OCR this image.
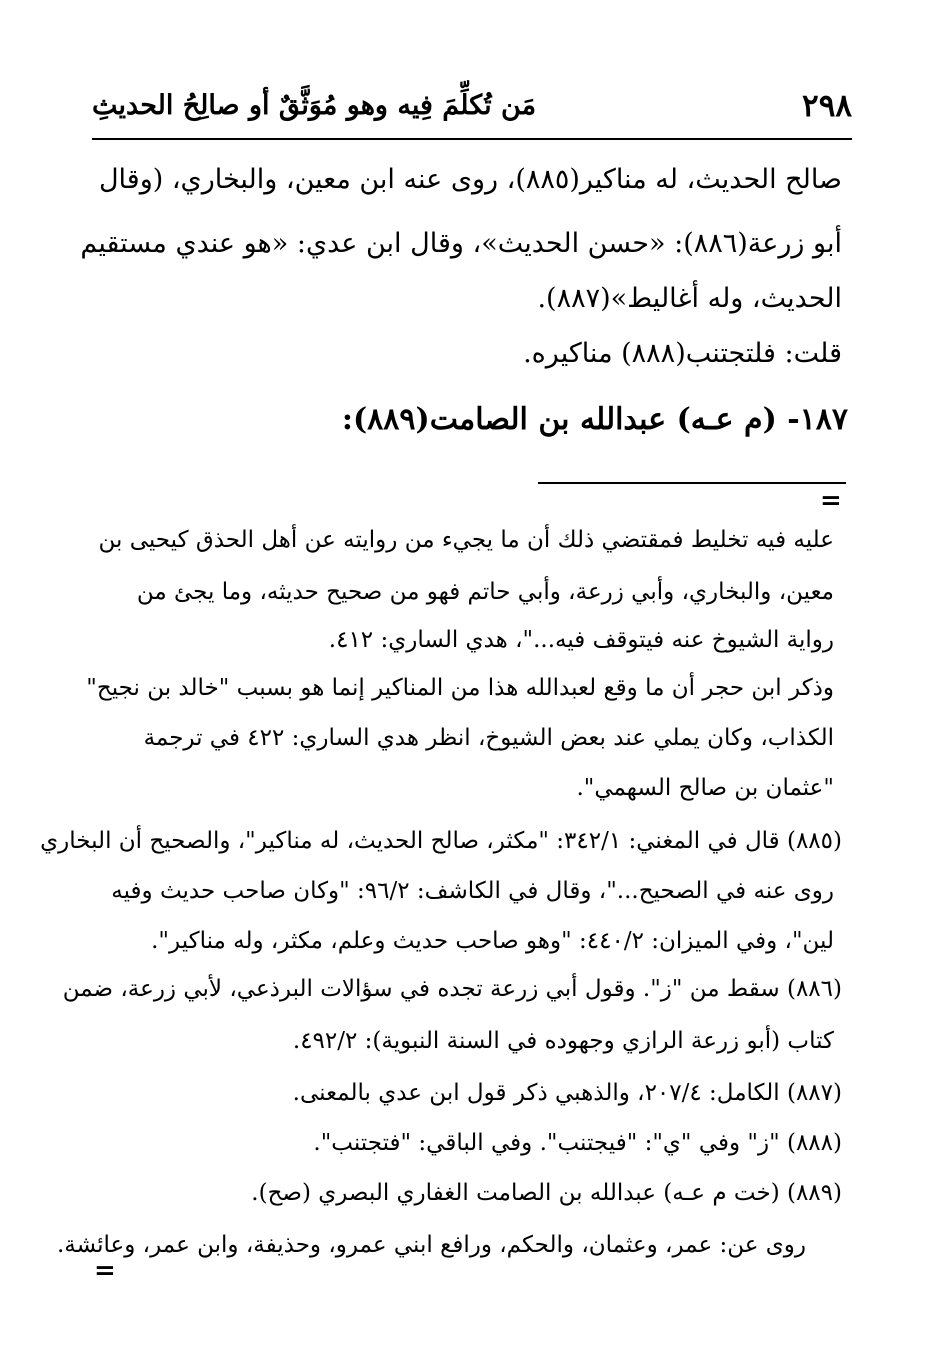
٢٩٨
مَن تُكلِّمَ فِيه وهو مُوَثَّقٌ أو صالِحُ الحديثِ
صالح الحديث، له مناكير(٨٨٥)، روى عنه ابن معين، والبخاري، (وقال
أبو زرعة(٨٨٦): «حسن الحديث»، وقال ابن عدي: «هو عندي مستقيم
الحديث، وله أغاليط»(٨٨٧).
قلت: فلتجتنب(٨٨٨) مناكيره.
١٨٧- (م عـه) عبدالله بن الصامت(٨٨٩):
=
عليه فيه تخليط فمقتضي ذلك أن ما يجيء من روايته عن أهل الحذق كيحيى بن
معين، والبخاري، وأبي زرعة، وأبي حاتم فهو من صحيح حديثه، وما يجئ من
رواية الشيوخ عنه فيتوقف فيه..."، هدي الساري: ٤١٢.
وذكر ابن حجر أن ما وقع لعبدالله هذا من المناكير إنما هو بسبب "خالد بن نجيح"
الكذاب، وكان يملي عند بعض الشيوخ، انظر هدي الساري: ٤٢٢ في ترجمة
"عثمان بن صالح السهمي".
(٨٨٥) قال في المغني: ٣٤٢/١: "مكثر، صالح الحديث، له مناكير"، والصحيح أن البخاري
روى عنه في الصحيح..."، وقال في الكاشف: ٩٦/٢: "وكان صاحب حديث وفيه
لين"، وفي الميزان: ٤٤٠/٢: "وهو صاحب حديث وعلم، مكثر، وله مناكير".
(٨٨٦) سقط من "ز". وقول أبي زرعة تجده في سؤالات البرذعي، لأبي زرعة، ضمن
كتاب (أبو زرعة الرازي وجهوده في السنة النبوية): ٤٩٢/٢.
(٨٨٧) الكامل: ٢٠٧/٤، والذهبي ذكر قول ابن عدي بالمعنى.
(٨٨٨) "ز" وفي "ي": "فيجتنب". وفي الباقي: "فتجتنب".
(٨٨٩) (خت م عـه) عبدالله بن الصامت الغفاري البصري (صح).
روى عن: عمر، وعثمان، والحكم، ورافع ابني عمرو، وحذيفة، وابن عمر، وعائشة.
=
